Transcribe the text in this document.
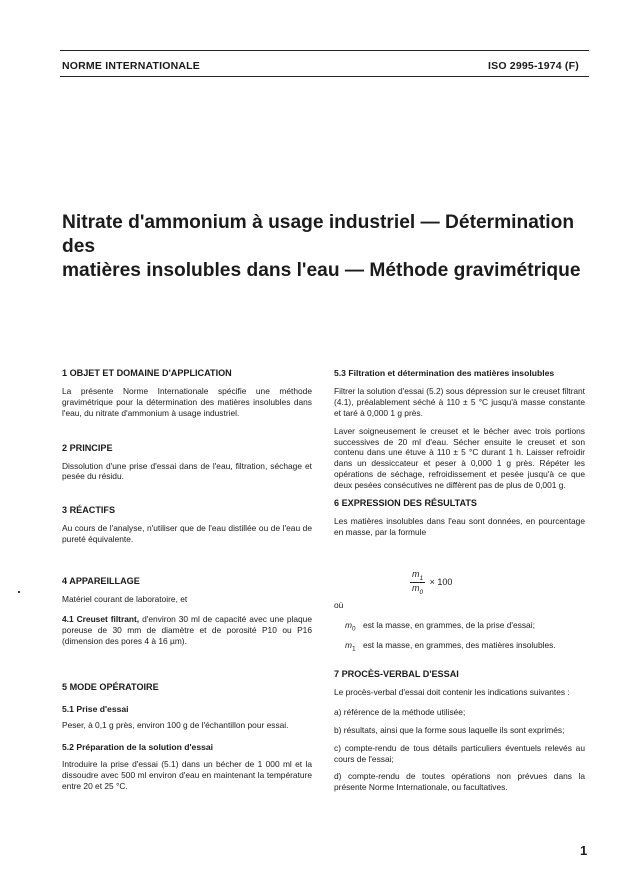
NORME INTERNATIONALE	ISO 2995-1974 (F)
Nitrate d'ammonium à usage industriel — Détermination des
matières insolubles dans l'eau — Méthode gravimétrique

1 OBJET ET DOMAINE D'APPLICATION

La présente Norme Internationale spécifie une méthode gravimétrique pour la détermination des matières insolubles dans l'eau, du nitrate d'ammonium à usage industriel.

2 PRINCIPE

Dissolution d'une prise d'essai dans de l'eau, filtration, séchage et pesée du résidu.

3 RÉACTIFS

Au cours de l'analyse, n'utiliser que de l'eau distillée ou de l'eau de pureté équivalente.

4 APPAREILLAGE

Matériel courant de laboratoire, et

4.1 Creuset filtrant, d'environ 30 ml de capacité avec une plaque poreuse de 30 mm de diamètre et de porosité P10 ou P16 (dimension des pores 4 à 16 µm).

5 MODE OPÉRATOIRE

5.1 Prise d'essai

Peser, à 0,1 g près, environ 100 g de l'échantillon pour essai.

5.2 Préparation de la solution d'essai

Introduire la prise d'essai (5.1) dans un bécher de 1 000 ml et la dissoudre avec 500 ml environ d'eau en maintenant la température entre 20 et 25 °C.

5.3 Filtration et détermination des matières insolubles

Filtrer la solution d'essai (5.2) sous dépression sur le creuset filtrant (4.1), préalablement séché à 110 ± 5 °C jusqu'à masse constante et taré à 0,000 1 g près.

Laver soigneusement le creuset et le bécher avec trois portions successives de 20 ml d'eau. Sécher ensuite le creuset et son contenu dans une étuve à 110 ± 5 °C durant 1 h. Laisser refroidir dans un dessiccateur et peser à 0,000 1 g près. Répéter les opérations de séchage, refroidissement et pesée jusqu'à ce que deux pesées consécutives ne diffèrent pas de plus de 0,001 g.

6 EXPRESSION DES RÉSULTATS

Les matières insolubles dans l'eau sont données, en pourcentage en masse, par la formule

$\frac{m_1}{m_0} \times 100$
où
$m_0$ est la masse, en grammes, de la prise d'essai;
$m_1$ est la masse, en grammes, des matières insolubles.

7 PROCÈS-VERBAL D'ESSAI

Le procès-verbal d'essai doit contenir les indications suivantes :

a) référence de la méthode utilisée;

b) résultats, ainsi que la forme sous laquelle ils sont exprimés;

c) compte-rendu de tous détails particuliers éventuels relevés au cours de l'essai;

d) compte-rendu de toutes opérations non prévues dans la présente Norme Internationale, ou facultatives.

1
